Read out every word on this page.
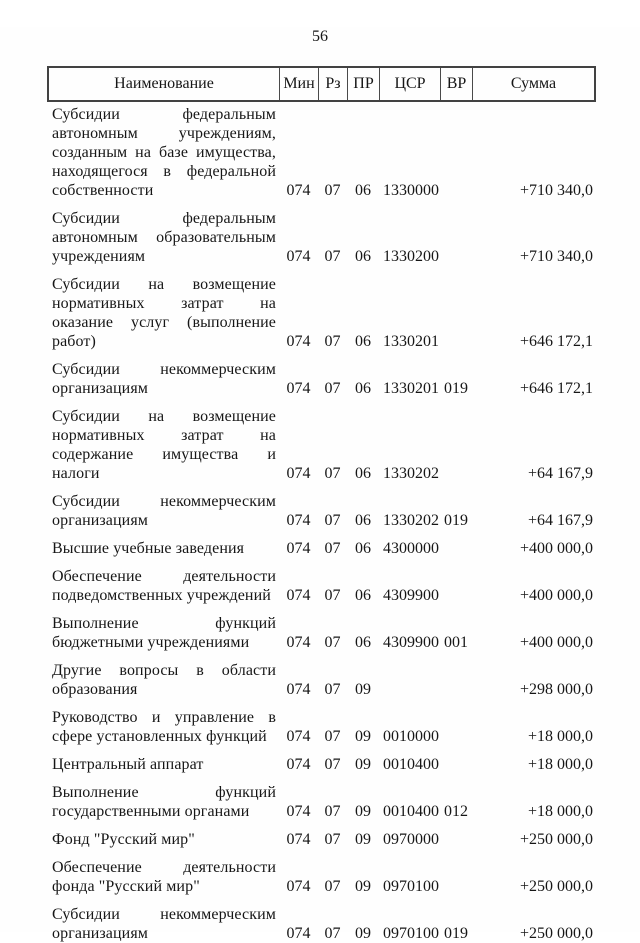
56
Наименование	Мин Рз ПР	ЦСР	ВР	Сумма
Субсидии федеральным автономным учреждениям, созданным на базе имущества, находящегося в федеральной собственности	074 07 06 1330000	+710 340,0
Субсидии федеральным автономным образовательным учреждениям	074 07 06 1330200	+710 340,0
Субсидии на возмещение нормативных затрат на оказание услуг (выполнение работ)	074 07 06 1330201	+646 172,1
Субсидии некоммерческим организациям	074 07 06 1330201 019	+646 172,1
Субсидии на возмещение нормативных затрат на содержание имущества и налоги	074 07 06 1330202	+64 167,9
Субсидии некоммерческим организациям	074 07 06 1330202 019	+64 167,9
Высшие учебные заведения	074 07 06 4300000	+400 000,0
Обеспечение деятельности подведомственных учреждений 074 07 06 4309900	+400 000,0
Выполнение функций бюджетными учреждениями	074 07 06 4309900 001	+400 000,0
Другие вопросы в области образования	074 07 09	+298 000,0
Руководство и управление в сфере установленных функций	074 07 09 0010000	+18 000,0
Центральный аппарат	074 07 09 0010400	+18 000,0
Выполнение функций государственными органами	074 07 09 0010400 012	+18 000,0
Фонд "Русский мир"	074 07 09 0970000	+250 000,0
Обеспечение деятельности фонда "Русский мир"	074 07 09 0970100	+250 000,0
Субсидии некоммерческим организациям	074 07 09 0970100 019	+250 000,0
